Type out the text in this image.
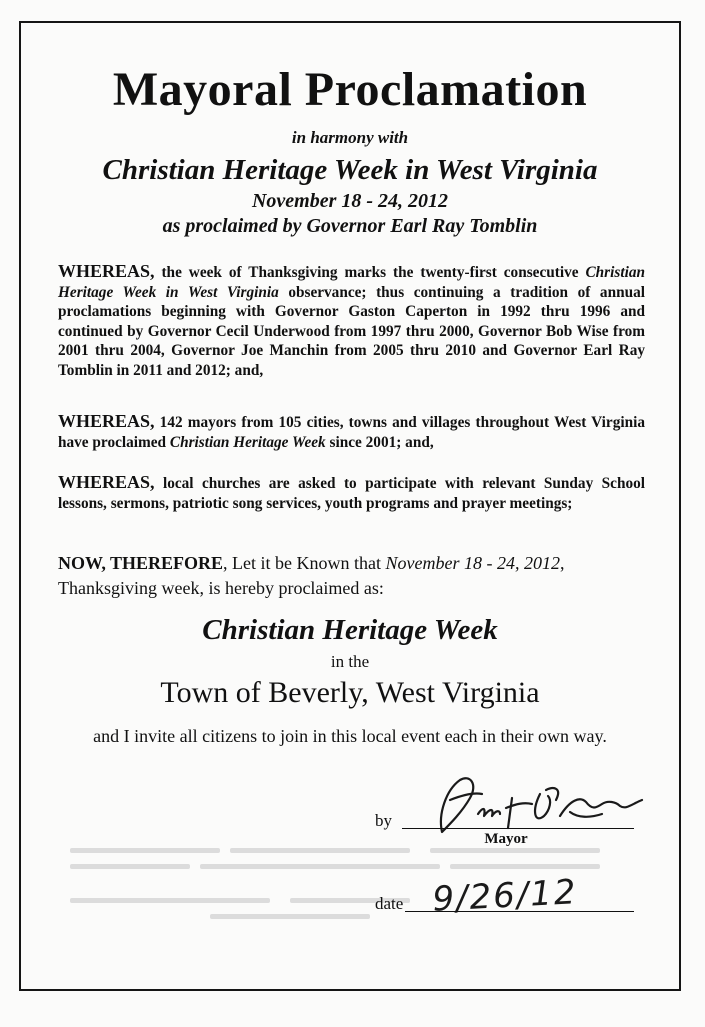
Mayoral Proclamation
in harmony with
Christian Heritage Week in West Virginia
November 18 - 24, 2012
as proclaimed by Governor Earl Ray Tomblin

WHEREAS, the week of Thanksgiving marks the twenty-first consecutive Christian Heritage Week in West Virginia observance; thus continuing a tradition of annual proclamations beginning with Governor Gaston Caperton in 1992 thru 1996 and continued by Governor Cecil Underwood from 1997 thru 2000, Governor Bob Wise from 2001 thru 2004, Governor Joe Manchin from 2005 thru 2010 and Governor Earl Ray Tomblin in 2011 and 2012; and,

WHEREAS, 142 mayors from 105 cities, towns and villages throughout West Virginia have proclaimed Christian Heritage Week since 2001; and,

WHEREAS, local churches are asked to participate with relevant Sunday School lessons, sermons, patriotic song services, youth programs and prayer meetings;

NOW, THEREFORE, Let it be Known that November 18 - 24, 2012, Thanksgiving week, is hereby proclaimed as:

Christian Heritage Week
in the
Town of Beverly, West Virginia
and I invite all citizens to join in this local event each in their own way.
by
Mayor
date 9/26/12
